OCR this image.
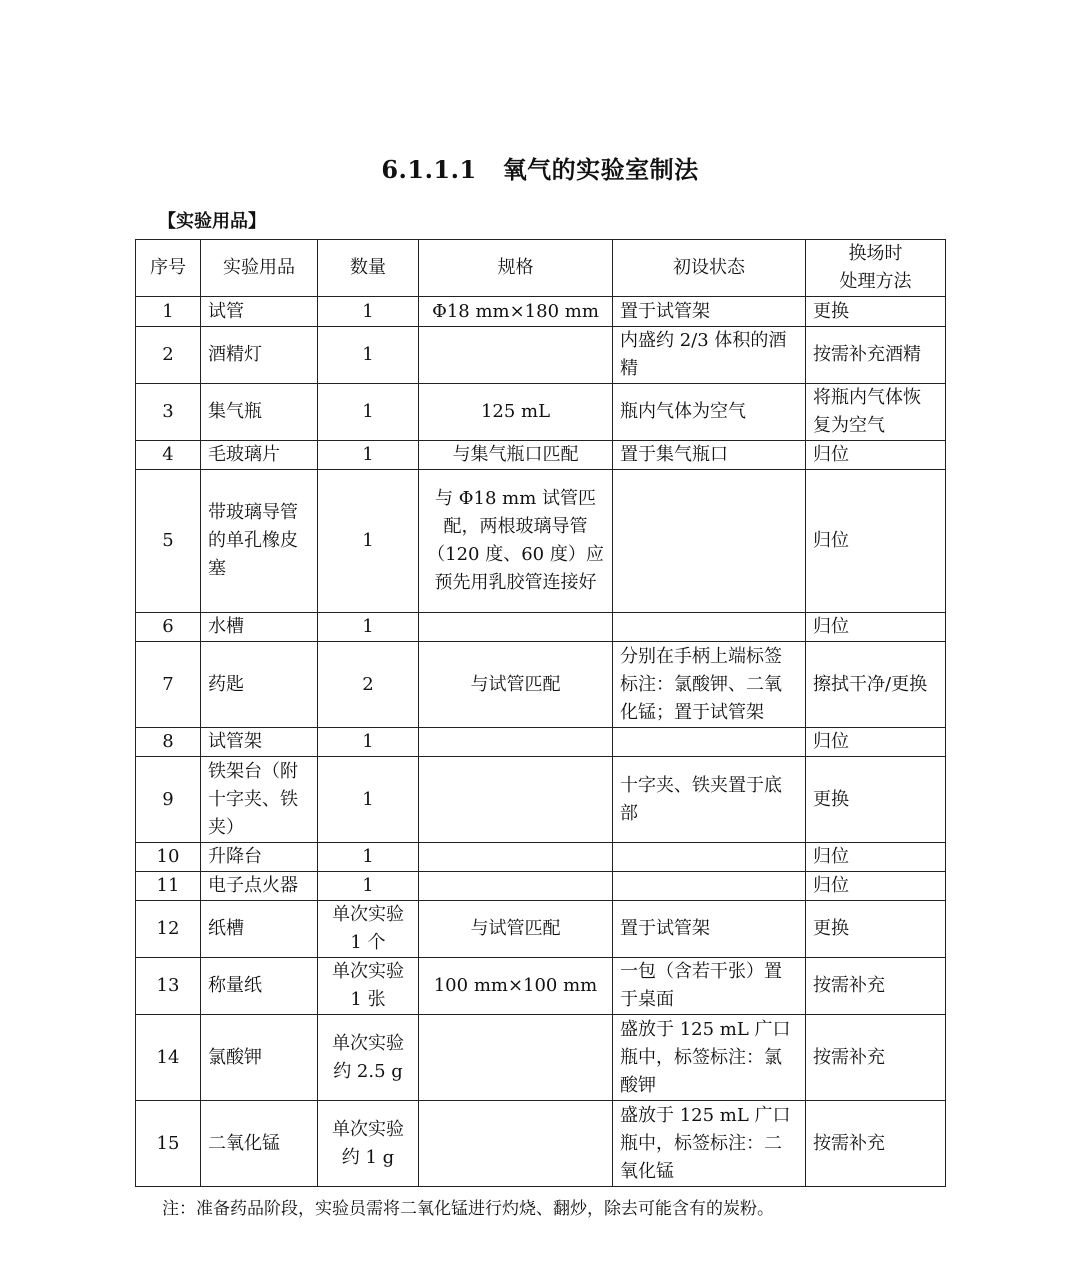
6.1.1.1 氧气的实验室制法
【实验用品】
序号	实验用品	数量	规格	初设状态	换场时
处理方法
1	试管	1	Φ18 mm×180 mm	置于试管架	更换
2	酒精灯	1		内盛约 2/3 体积的酒精	按需补充酒精
3	集气瓶	1	125 mL	瓶内气体为空气	将瓶内气体恢复为空气
4	毛玻璃片	1	与集气瓶口匹配	置于集气瓶口	归位
5	带玻璃导管的单孔橡皮塞	1	与 Φ18 mm 试管匹配，两根玻璃导管（120 度、60 度）应预先用乳胶管连接好		归位
6	水槽	1			归位
7	药匙	2	与试管匹配	分别在手柄上端标签标注：氯酸钾、二氧化锰；置于试管架	擦拭干净/更换
8	试管架	1			归位
9	铁架台（附十字夹、铁夹）	1		十字夹、铁夹置于底部	更换
10	升降台	1			归位
11	电子点火器	1			归位
12	纸槽	单次实验 1 个	与试管匹配	置于试管架	更换
13	称量纸	单次实验 1 张	100 mm×100 mm	一包（含若干张）置于桌面	按需补充
14	氯酸钾	单次实验约 2.5 g		盛放于 125 mL 广口瓶中，标签标注：氯酸钾	按需补充
15	二氧化锰	单次实验约 1 g		盛放于 125 mL 广口瓶中，标签标注：二氧化锰	按需补充
注：准备药品阶段，实验员需将二氧化锰进行灼烧、翻炒，除去可能含有的炭粉。
